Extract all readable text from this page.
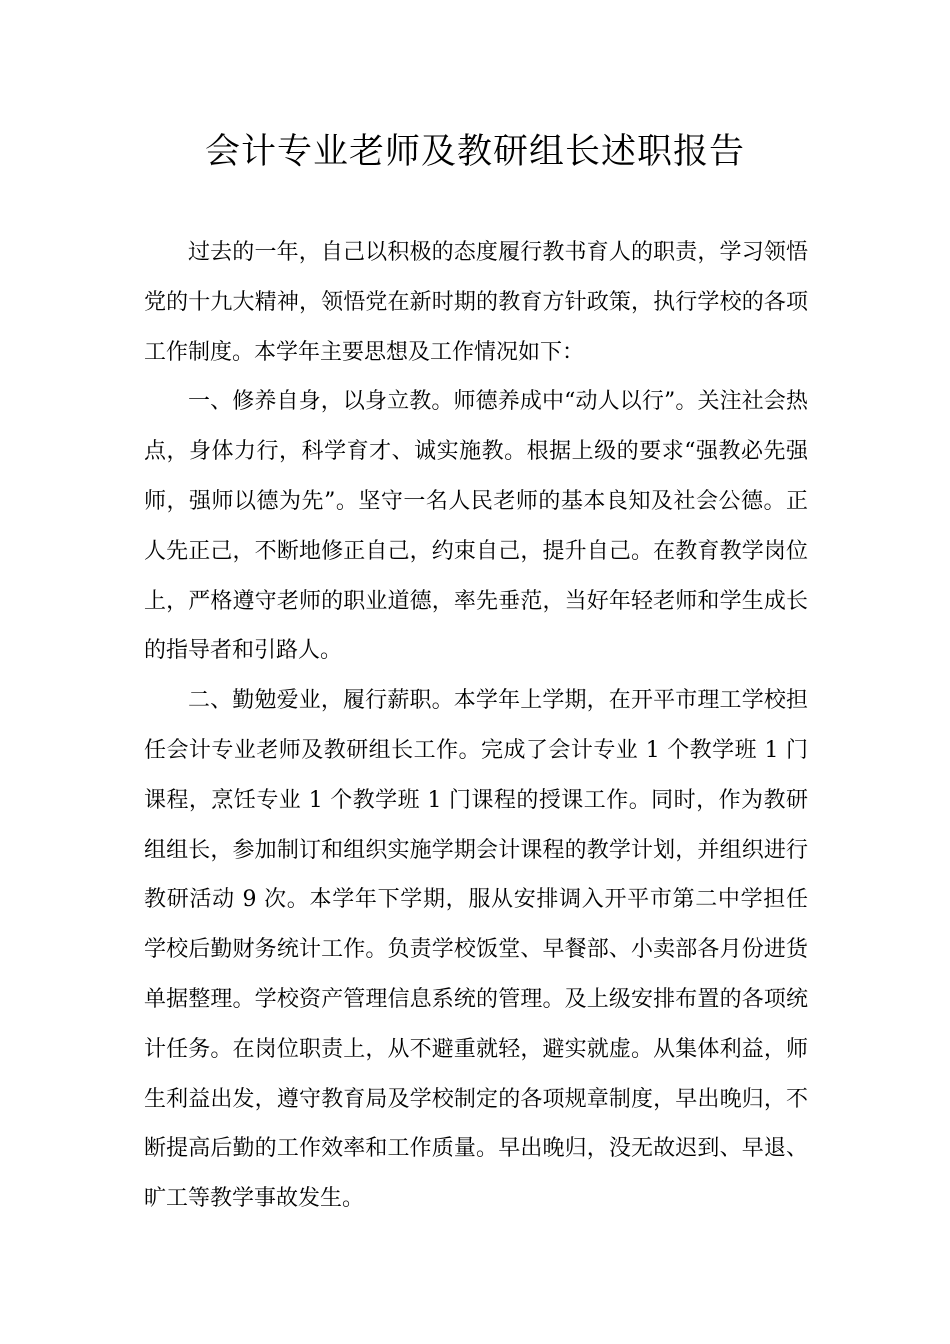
会计专业老师及教研组长述职报告

过去的一年，自己以积极的态度履行教书育人的职责，学习领悟党的十九大精神，领悟党在新时期的教育方针政策，执行学校的各项工作制度。本学年主要思想及工作情况如下：

一、修养自身，以身立教。师德养成中“动人以行”。关注社会热点，身体力行，科学育才、诚实施教。根据上级的要求“强教必先强师，强师以德为先”。坚守一名人民老师的基本良知及社会公德。正人先正己，不断地修正自己，约束自己，提升自己。在教育教学岗位上，严格遵守老师的职业道德，率先垂范，当好年轻老师和学生成长的指导者和引路人。

二、勤勉爱业，履行薪职。本学年上学期，在开平市理工学校担任会计专业老师及教研组长工作。完成了会计专业 1 个教学班 1 门课程，烹饪专业 1 个教学班 1 门课程的授课工作。同时，作为教研组组长，参加制订和组织实施学期会计课程的教学计划，并组织进行教研活动 9 次。本学年下学期，服从安排调入开平市第二中学担任学校后勤财务统计工作。负责学校饭堂、早餐部、小卖部各月份进货单据整理。学校资产管理信息系统的管理。及上级安排布置的各项统计任务。在岗位职责上，从不避重就轻，避实就虚。从集体利益，师生利益出发，遵守教育局及学校制定的各项规章制度，早出晚归，不断提高后勤的工作效率和工作质量。早出晚归，没无故迟到、早退、旷工等教学事故发生。
